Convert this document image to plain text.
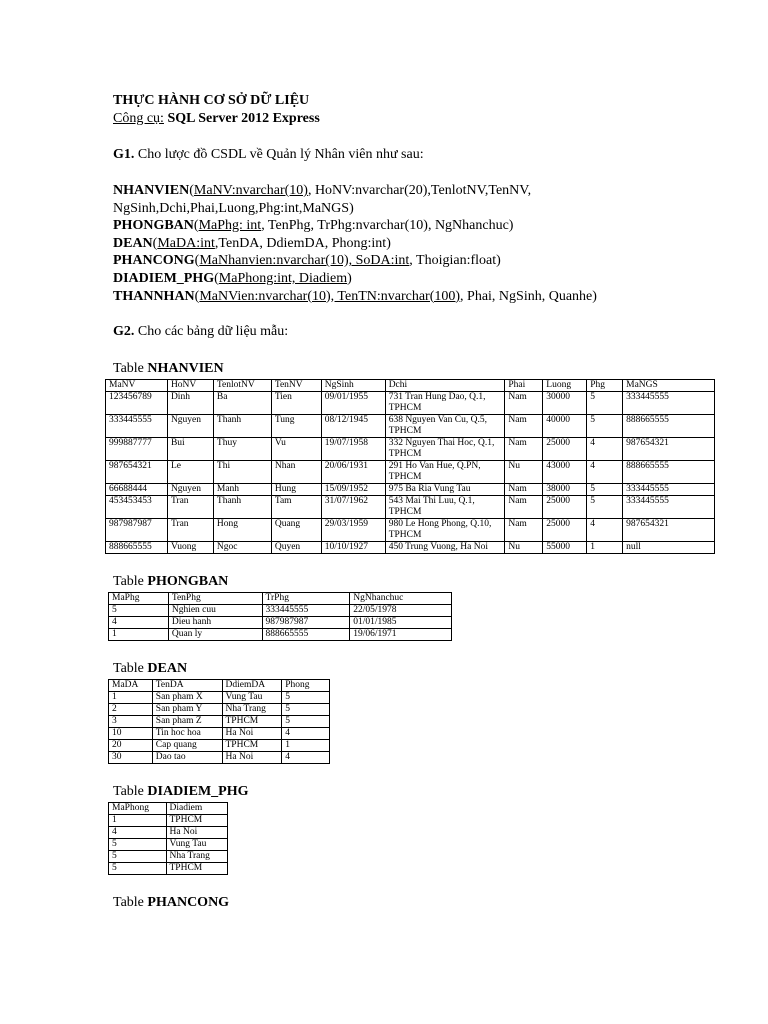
THỰC HÀNH CƠ SỞ DỮ LIỆU
Công cụ: SQL Server 2012 Express
G1. Cho lược đồ CSDL về Quản lý Nhân viên như sau:
NHANVIEN(MaNV:nvarchar(10), HoNV:nvarchar(20),TenlotNV,TenNV,
NgSinh,Dchi,Phai,Luong,Phg:int,MaNGS)
PHONGBAN(MaPhg: int, TenPhg, TrPhg:nvarchar(10), NgNhanchuc)
DEAN(MaDA:int,TenDA, DdiemDA, Phong:int)
PHANCONG(MaNhanvien:nvarchar(10), SoDA:int, Thoigian:float)
DIADIEM_PHG(MaPhong:int, Diadiem)
THANNHAN(MaNVien:nvarchar(10), TenTN:nvarchar(100), Phai, NgSinh, Quanhe)
G2. Cho các bảng dữ liệu mẫu:
Table NHANVIEN
MaNV	HoNV	TenlotNV	TenNV	NgSinh	Dchi	Phai	Luong	Phg	MaNGS
123456789	Dinh	Ba	Tien	09/01/1955	731 Tran Hung Dao, Q.1, TPHCM	Nam	30000	5	333445555
333445555	Nguyen	Thanh	Tung	08/12/1945	638 Nguyen Van Cu, Q.5, TPHCM	Nam	40000	5	888665555
999887777	Bui	Thuy	Vu	19/07/1958	332 Nguyen Thai Hoc, Q.1, TPHCM	Nam	25000	4	987654321
987654321	Le	Thi	Nhan	20/06/1931	291 Ho Van Hue, Q.PN, TPHCM	Nu	43000	4	888665555
66688444	Nguyen	Manh	Hung	15/09/1952	975 Ba Ria Vung Tau	Nam	38000	5	333445555
453453453	Tran	Thanh	Tam	31/07/1962	543 Mai Thi Luu, Q.1, TPHCM	Nam	25000	5	333445555
987987987	Tran	Hong	Quang	29/03/1959	980 Le Hong Phong, Q.10, TPHCM	Nam	25000	4	987654321
888665555	Vuong	Ngoc	Quyen	10/10/1927	450 Trung Vuong, Ha Noi	Nu	55000	1	null
Table PHONGBAN
MaPhg	TenPhg	TrPhg	NgNhanchuc
5	Nghien cuu	333445555	22/05/1978
4	Dieu hanh	987987987	01/01/1985
1	Quan ly	888665555	19/06/1971
Table DEAN
MaDA	TenDA	DdiemDA	Phong
1	San pham X	Vung Tau	5
2	San pham Y	Nha Trang	5
3	San pham Z	TPHCM	5
10	Tin hoc hoa	Ha Noi	4
20	Cap quang	TPHCM	1
30	Dao tao	Ha Noi	4
Table DIADIEM_PHG
MaPhong	Diadiem
1	TPHCM
4	Ha Noi
5	Vung Tau
5	Nha Trang
5	TPHCM
Table PHANCONG
